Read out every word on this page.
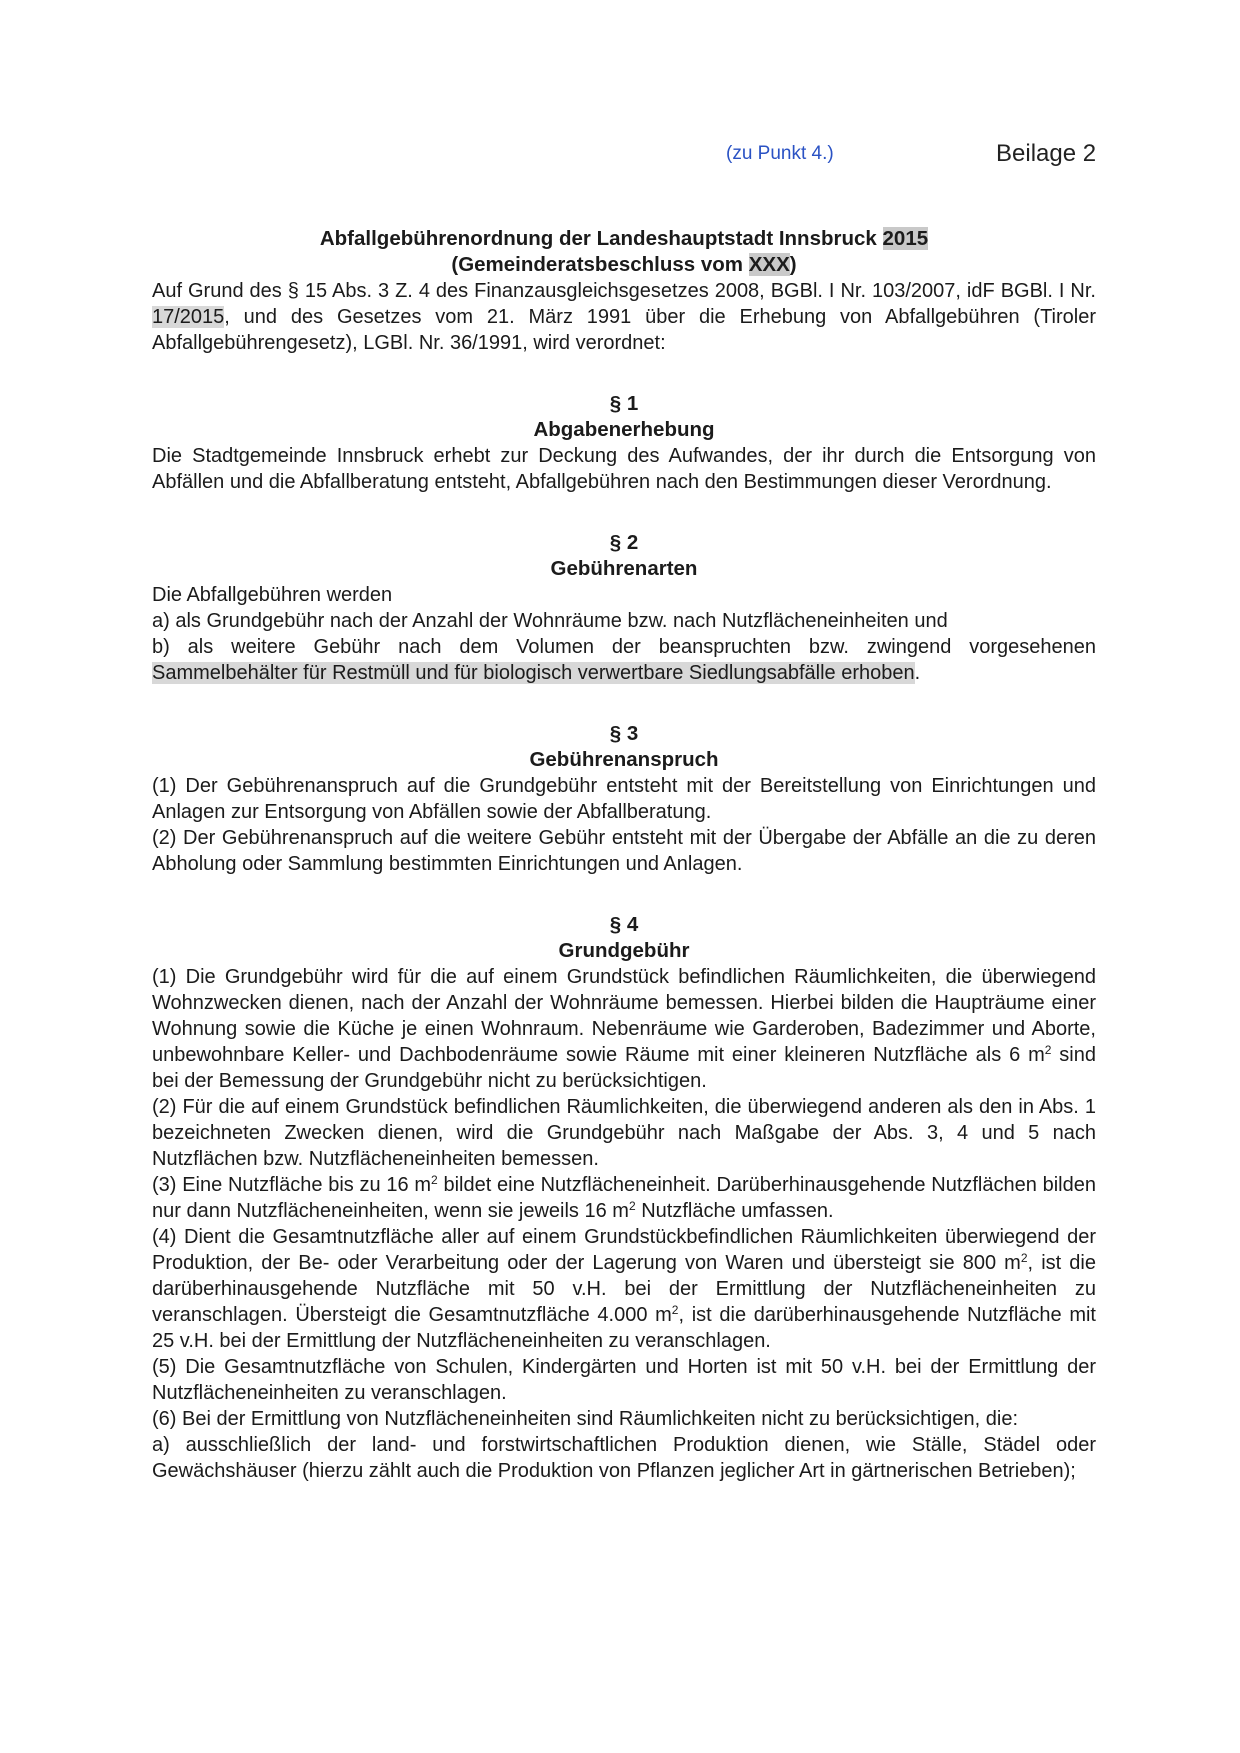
(zu Punkt 4.)	Beilage 2
Abfallgebührenordnung der Landeshauptstadt Innsbruck 2015
(Gemeinderatsbeschluss vom XXX)

Auf Grund des § 15 Abs. 3 Z. 4 des Finanzausgleichsgesetzes 2008, BGBl. I Nr. 103/2007, idF BGBl. I Nr. 17/2015, und des Gesetzes vom 21. März 1991 über die Erhebung von Abfallgebühren (Tiroler Abfallgebührengesetz), LGBl. Nr. 36/1991, wird verordnet:

§ 1
Abgabenerhebung

Die Stadtgemeinde Innsbruck erhebt zur Deckung des Aufwandes, der ihr durch die Entsorgung von Abfällen und die Abfallberatung entsteht, Abfallgebühren nach den Bestimmungen dieser Verordnung.

§ 2
Gebührenarten

Die Abfallgebühren werden

a) als Grundgebühr nach der Anzahl der Wohnräume bzw. nach Nutzflächeneinheiten und

b) als weitere Gebühr nach dem Volumen der beanspruchten bzw. zwingend vorgesehenen Sammelbehälter für Restmüll und für biologisch verwertbare Siedlungsabfälle erhoben.

§ 3
Gebührenanspruch

(1) Der Gebührenanspruch auf die Grundgebühr entsteht mit der Bereitstellung von Einrichtungen und Anlagen zur Entsorgung von Abfällen sowie der Abfallberatung.

(2) Der Gebührenanspruch auf die weitere Gebühr entsteht mit der Übergabe der Abfälle an die zu deren Abholung oder Sammlung bestimmten Einrichtungen und Anlagen.

§ 4
Grundgebühr

(1) Die Grundgebühr wird für die auf einem Grundstück befindlichen Räumlichkeiten, die überwiegend Wohnzwecken dienen, nach der Anzahl der Wohnräume bemessen. Hierbei bilden die Haupträume einer Wohnung sowie die Küche je einen Wohnraum. Nebenräume wie Garderoben, Badezimmer und Aborte, unbewohnbare Keller- und Dachbodenräume sowie Räume mit einer kleineren Nutzfläche als 6 $m^2$ sind bei der Bemessung der Grundgebühr nicht zu berücksichtigen.

(2) Für die auf einem Grundstück befindlichen Räumlichkeiten, die überwiegend anderen als den in Abs. 1 bezeichneten Zwecken dienen, wird die Grundgebühr nach Maßgabe der Abs. 3, 4 und 5 nach Nutzflächen bzw. Nutzflächeneinheiten bemessen.

(3) Eine Nutzfläche bis zu 16 $m^2$ bildet eine Nutzflächeneinheit. Darüberhinausgehende Nutzflächen bilden nur dann Nutzflächeneinheiten, wenn sie jeweils 16 $m^2$ Nutzfläche umfassen.

(4) Dient die Gesamtnutzfläche aller auf einem Grundstückbefindlichen Räumlichkeiten überwiegend der Produktion, der Be- oder Verarbeitung oder der Lagerung von Waren und übersteigt sie 800 $m^2$, ist die darüberhinausgehende Nutzfläche mit 50 v.H. bei der Ermittlung der Nutzflächeneinheiten zu veranschlagen. Übersteigt die Gesamtnutzfläche 4.000 $m^2$, ist die darüberhinausgehende Nutzfläche mit 25 v.H. bei der Ermittlung der Nutzflächeneinheiten zu veranschlagen.

(5) Die Gesamtnutzfläche von Schulen, Kindergärten und Horten ist mit 50 v.H. bei der Ermittlung der Nutzflächeneinheiten zu veranschlagen.

(6) Bei der Ermittlung von Nutzflächeneinheiten sind Räumlichkeiten nicht zu berücksichtigen, die:

a) ausschließlich der land- und forstwirtschaftlichen Produktion dienen, wie Ställe, Städel oder Gewächshäuser (hierzu zählt auch die Produktion von Pflanzen jeglicher Art in gärtnerischen Betrieben);
